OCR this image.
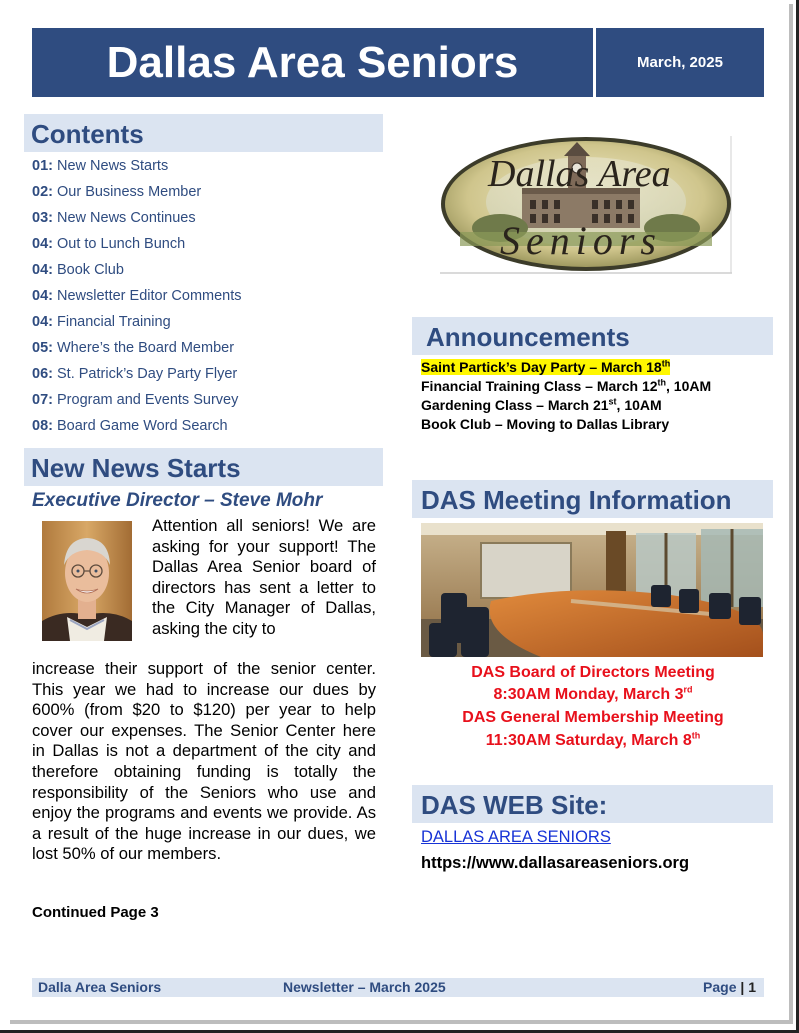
Dallas Area Seniors	March, 2025
Contents
01: New News Starts
02: Our Business Member
03: New News Continues
04: Out to Lunch Bunch
04: Book Club
04: Newsletter Editor Comments
04: Financial Training
05: Where’s the Board Member
06: St. Patrick’s Day Party Flyer
07: Program and Events Survey
08: Board Game Word Search
New News Starts
Executive Director – Steve Mohr

Attention all seniors! We are asking for your support! The Dallas Area Senior board of directors has sent a letter to the City Manager of Dallas, asking the city to

increase their support of the senior center. This year we had to increase our dues by 600% (from $20 to $120) per year to help cover our expenses. The Senior Center here in Dallas is not a department of the city and therefore obtaining funding is totally the responsibility of the Seniors who use and enjoy the programs and events we provide. As a result of the huge increase in our dues, we lost 50% of our members.

Continued Page 3
Dallas Area
Seniors
Announcements
Saint Partick’s Day Party – March 18th
Financial Training Class – March 12th, 10AM
Gardening Class – March 21st, 10AM
Book Club – Moving to Dallas Library
DAS Meeting Information
DAS Board of Directors Meeting
8:30AM Monday, March 3rd
DAS General Membership Meeting
11:30AM Saturday, March 8th
DAS WEB Site:
DALLAS AREA SENIORS
https://www.dallasareaseniors.org
Dalla Area Seniors	Newsletter – March 2025	Page | 1
